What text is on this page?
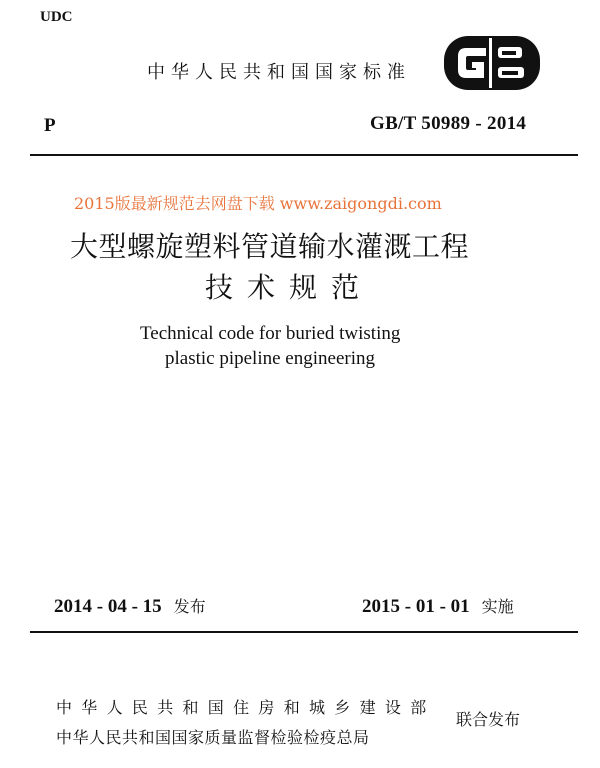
UDC
中华人民共和国国家标准
P	GB/T 50989 - 2014
2015版最新规范去网盘下载 www.zaigongdi.com
大型螺旋塑料管道输水灌溉工程
技术规范
Technical code for buried twisting
plastic pipeline engineering
2014 - 04 - 15 发布	2015 - 01 - 01 实施
中华人民共和国住房和城乡建设部
中华人民共和国国家质量监督检验检疫总局
联合发布
